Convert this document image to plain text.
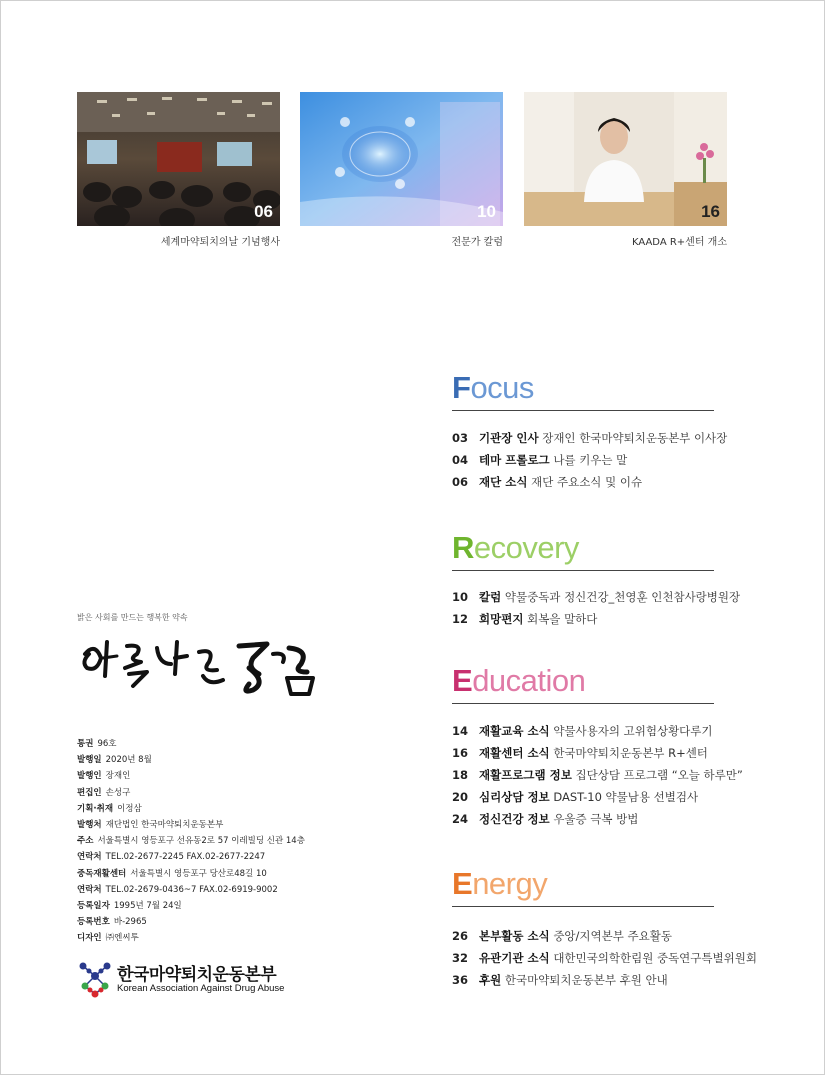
06
세계마약퇴치의날 기념행사
10
전문가 칼럼
16
KAADA R+센터 개소
Focus
03 기관장 인사 장재인 한국마약퇴치운동본부 이사장
04 테마 프롤로그 나를 키우는 말
06 재단 소식 재단 주요소식 및 이슈
Recovery
10 칼럼 약물중독과 정신건강_천영훈 인천참사랑병원장
12 희망편지 회복을 말하다
Education
14 재활교육 소식 약물사용자의 고위험상황다루기
16 재활센터 소식 한국마약퇴치운동본부 R+센터
18 재활프로그램 정보 집단상담 프로그램 “오늘 하루만”
20 심리상담 정보 DAST-10 약물남용 선별검사
24 정신건강 정보 우울증 극복 방법
Energy
26 본부활동 소식 중앙/지역본부 주요활동
32 유관기관 소식 대한민국의학한림원 중독연구특별위원회
36 후원 한국마약퇴치운동본부 후원 안내
밝은 사회를 만드는 행복한 약속
통권 96호
발행일 2020년 8월
발행인 장재인
편집인 손성구
기획·취재 이정삼
발행처 재단법인 한국마약퇴치운동본부
주소 서울특별시 영등포구 선유동2로 57 이레빌딩 신관 14층
연락처 TEL.02-2677-2245 FAX.02-2677-2247
중독재활센터 서울특별시 영등포구 당산로48길 10
연락처 TEL.02-2679-0436~7 FAX.02-6919-9002
등록일자 1995년 7월 24일
등록번호 바-2965
디자인 ㈜엔씨투
한국마약퇴치운동본부
Korean Association Against Drug Abuse
